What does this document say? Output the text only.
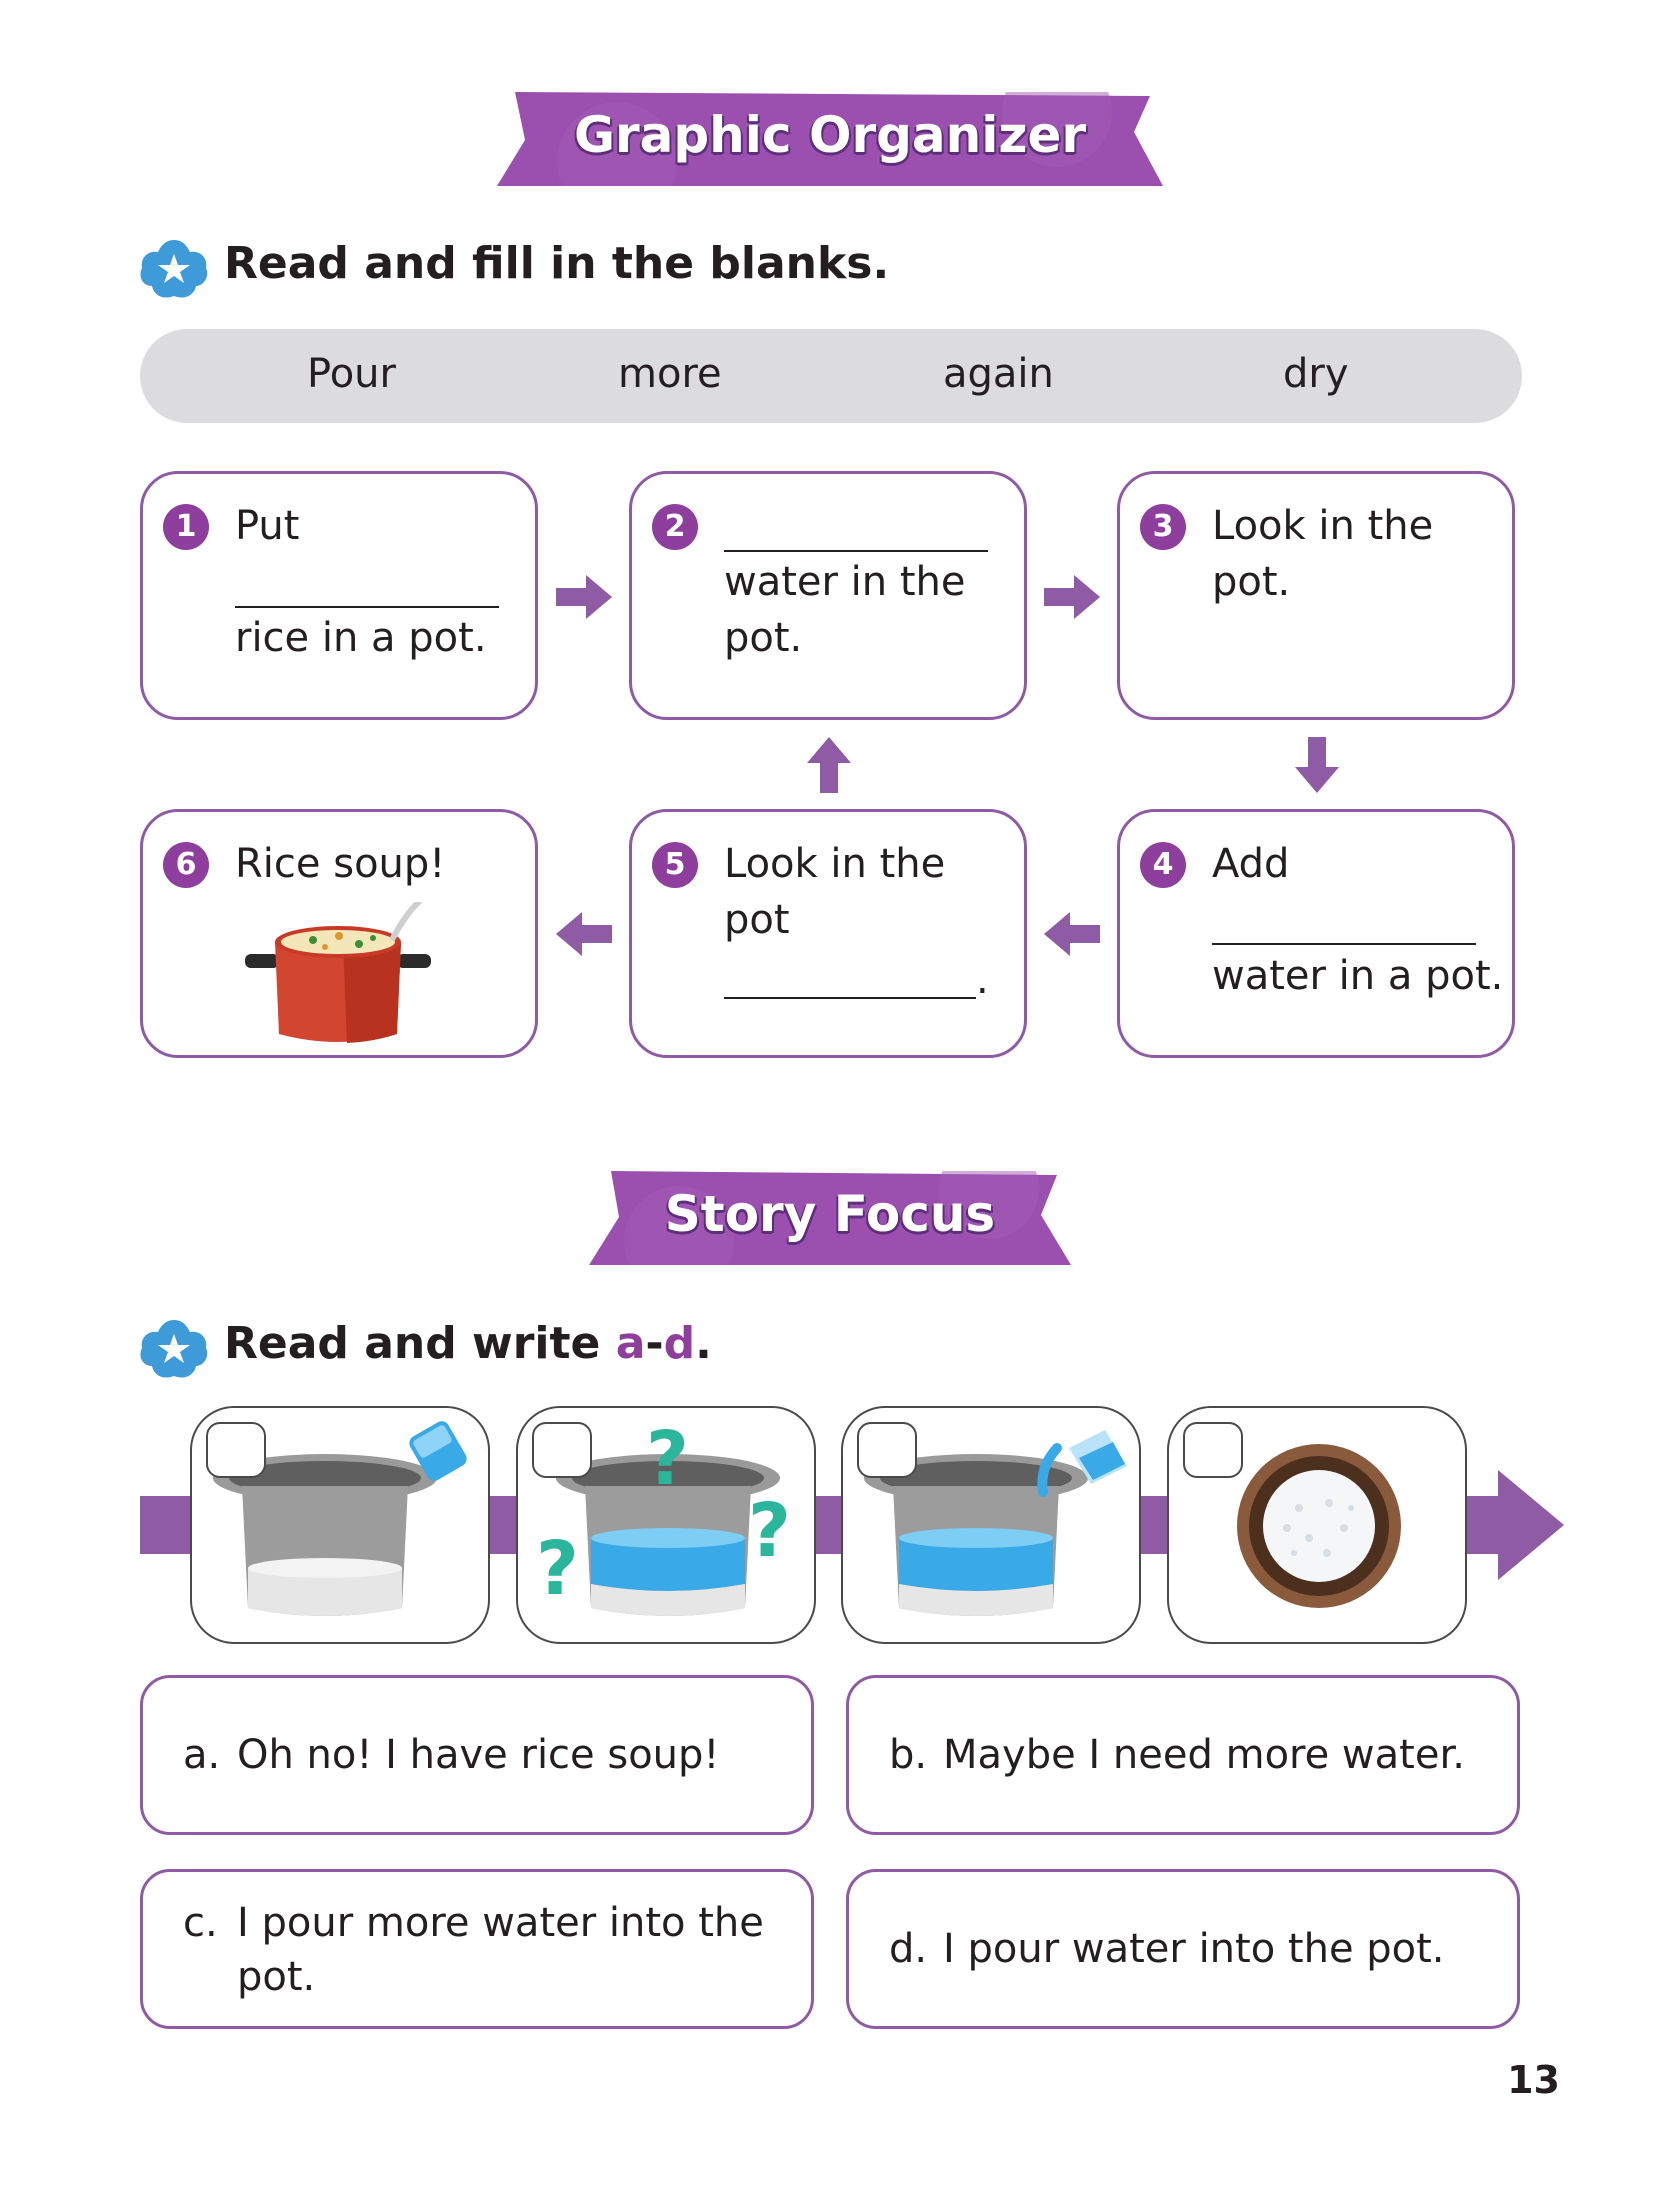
Graphic Organizer
Read and fill in the blanks.
Pour	more	again	dry
1 Put
rice in a pot.
2
water in the
pot.
3 Look in the
pot.
6 Rice soup!	5 Look in the
pot
.
4 Add
water in a pot.
Story Focus
Read and write a-d.
?
?
?
a. Oh no! I have rice soup!	b. Maybe I need more water.
c. I pour more water into the
pot.
d. I pour water into the pot.
13
